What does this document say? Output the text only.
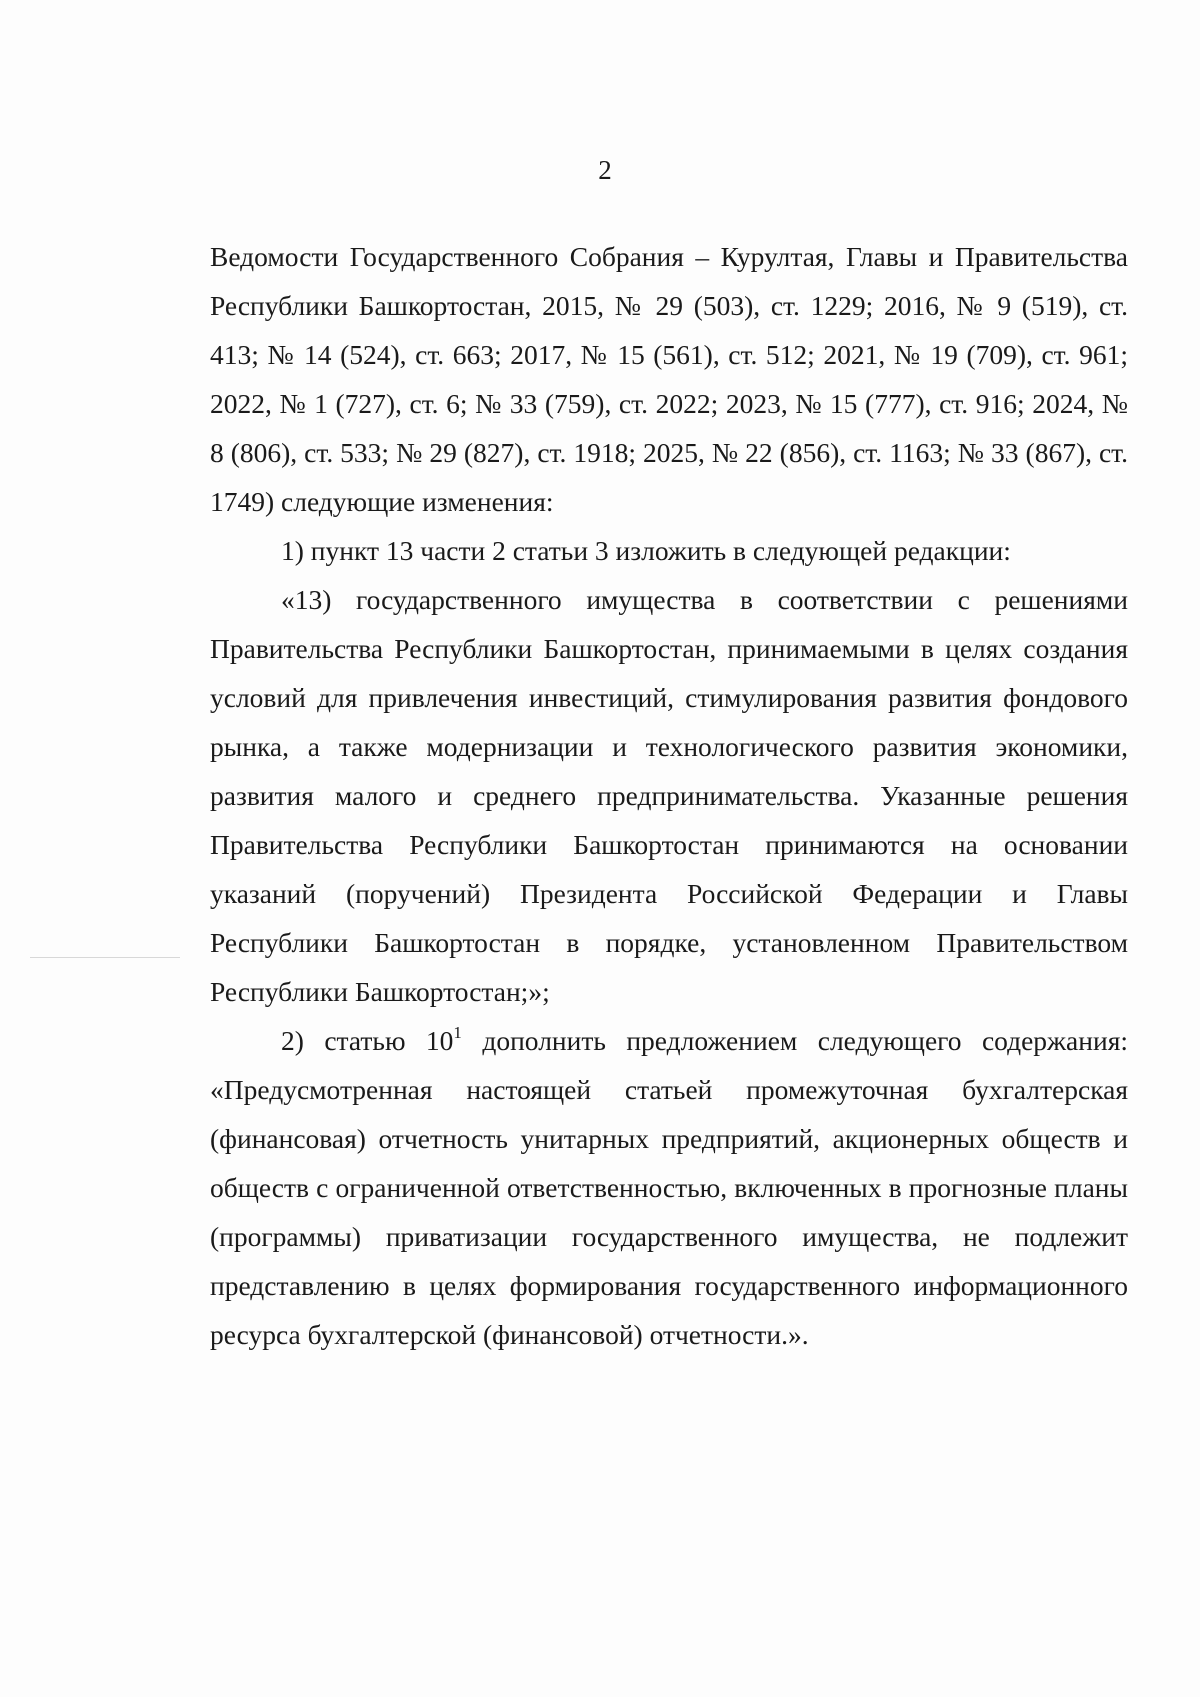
2

Ведомости Государственного Собрания – Курултая, Главы и Правительства Республики Башкортостан, 2015, № 29 (503), ст. 1229; 2016, № 9 (519), ст. 413; № 14 (524), ст. 663; 2017, № 15 (561), ст. 512; 2021, № 19 (709), ст. 961; 2022, № 1 (727), ст. 6; № 33 (759), ст. 2022; 2023, № 15 (777), ст. 916; 2024, № 8 (806), ст. 533; № 29 (827), ст. 1918; 2025, № 22 (856), ст. 1163; № 33 (867), ст. 1749) следующие изменения:

1) пункт 13 части 2 статьи 3 изложить в следующей редакции:

«13) государственного имущества в соответствии с решениями Правительства Республики Башкортостан, принимаемыми в целях создания условий для привлечения инвестиций, стимулирования развития фондового рынка, а также модернизации и технологического развития экономики, развития малого и среднего предпринимательства. Указанные решения Правительства Республики Башкортостан принимаются на основании указаний (поручений) Президента Российской Федерации и Главы Республики Башкортостан в порядке, установленном Правительством Республики Башкортостан;»;

2) статью $10^1$ дополнить предложением следующего содержания: «Предусмотренная настоящей статьей промежуточная бухгалтерская (финансовая) отчетность унитарных предприятий, акционерных обществ и обществ с ограниченной ответственностью, включенных в прогнозные планы (программы) приватизации государственного имущества, не подлежит представлению в целях формирования государственного информационного ресурса бухгалтерской (финансовой) отчетности.».
